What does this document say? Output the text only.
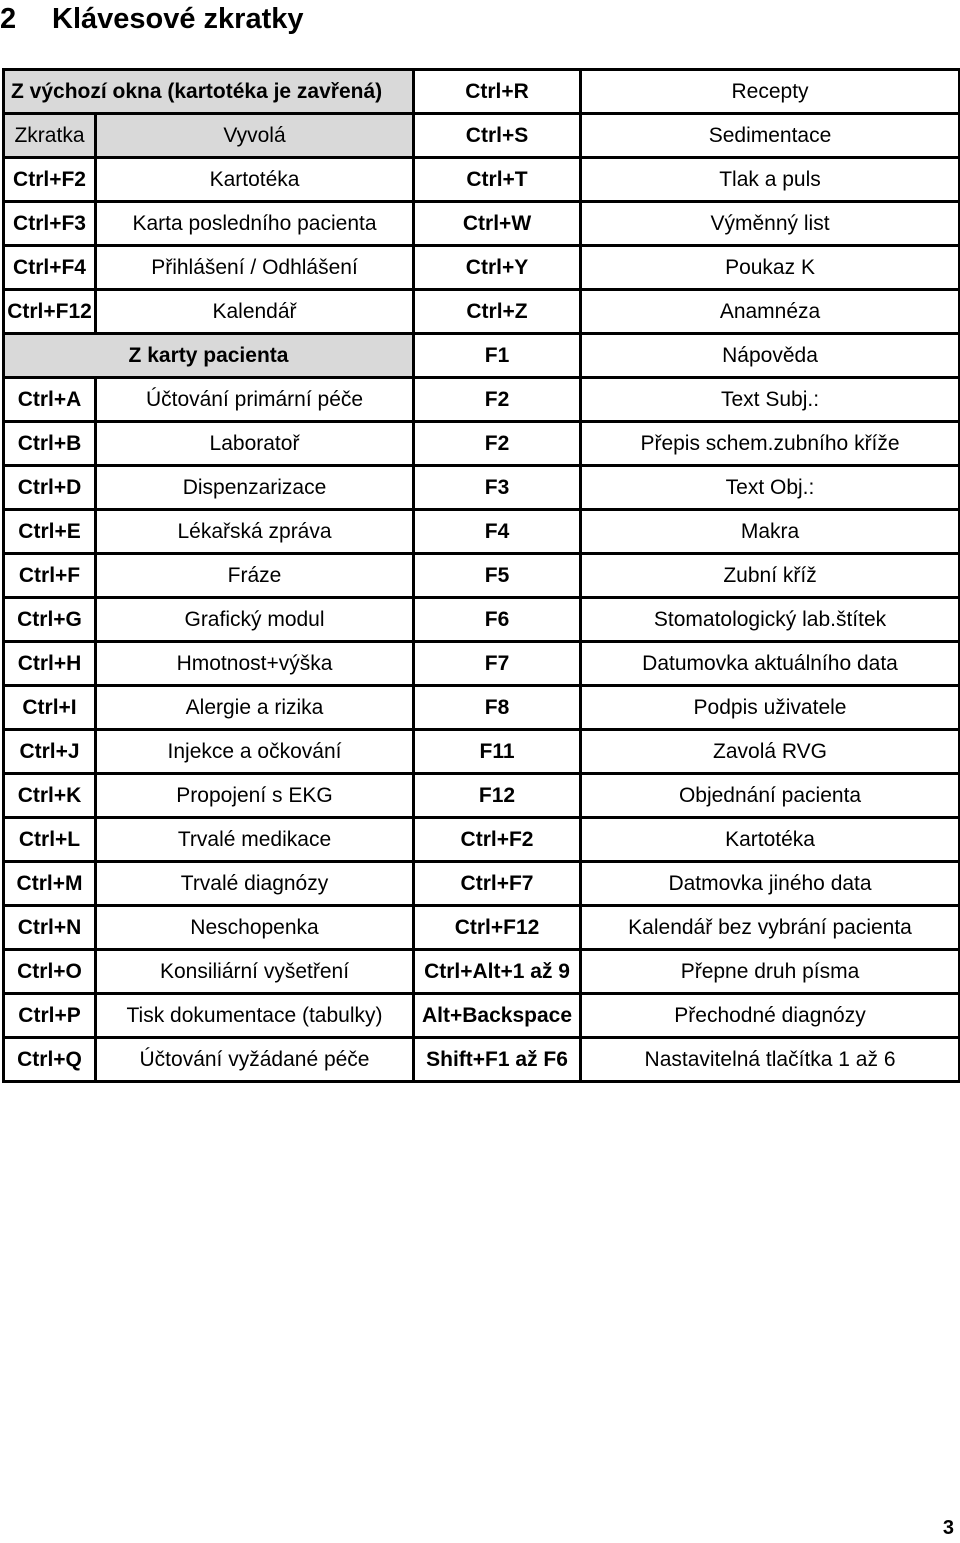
2	Klávesové zkratky
Z výchozí okna (kartotéka je zavřená)		Ctrl+R	Recepty
Zkratka	Vyvolá	Ctrl+S	Sedimentace
Ctrl+F2	Kartotéka	Ctrl+T	Tlak a puls
Ctrl+F3	Karta posledního pacienta	Ctrl+W	Výměnný list
Ctrl+F4	Přihlášení / Odhlášení	Ctrl+Y	Poukaz K
Ctrl+F12	Kalendář	Ctrl+Z	Anamnéza
Z karty pacienta		F1	Nápověda
Ctrl+A	Účtování primární péče	F2	Text Subj.:
Ctrl+B	Laboratoř	F2	Přepis schem.zubního kříže
Ctrl+D	Dispenzarizace	F3	Text Obj.:
Ctrl+E	Lékařská zpráva	F4	Makra
Ctrl+F	Fráze	F5	Zubní kříž
Ctrl+G	Grafický modul	F6	Stomatologický lab.štítek
Ctrl+H	Hmotnost+výška	F7	Datumovka aktuálního data
Ctrl+I	Alergie a rizika	F8	Podpis uživatele
Ctrl+J	Injekce a očkování	F11	Zavolá RVG
Ctrl+K	Propojení s EKG	F12	Objednání pacienta
Ctrl+L	Trvalé medikace	Ctrl+F2	Kartotéka
Ctrl+M	Trvalé diagnózy	Ctrl+F7	Datmovka jiného data
Ctrl+N	Neschopenka	Ctrl+F12	Kalendář bez vybrání pacienta
Ctrl+O	Konsiliární vyšetření	Ctrl+Alt+1 až 9	Přepne druh písma
Ctrl+P	Tisk dokumentace (tabulky)	Alt+Backspace	Přechodné diagnózy
Ctrl+Q	Účtování vyžádané péče	Shift+F1 až F6	Nastavitelná tlačítka 1 až 6
3
